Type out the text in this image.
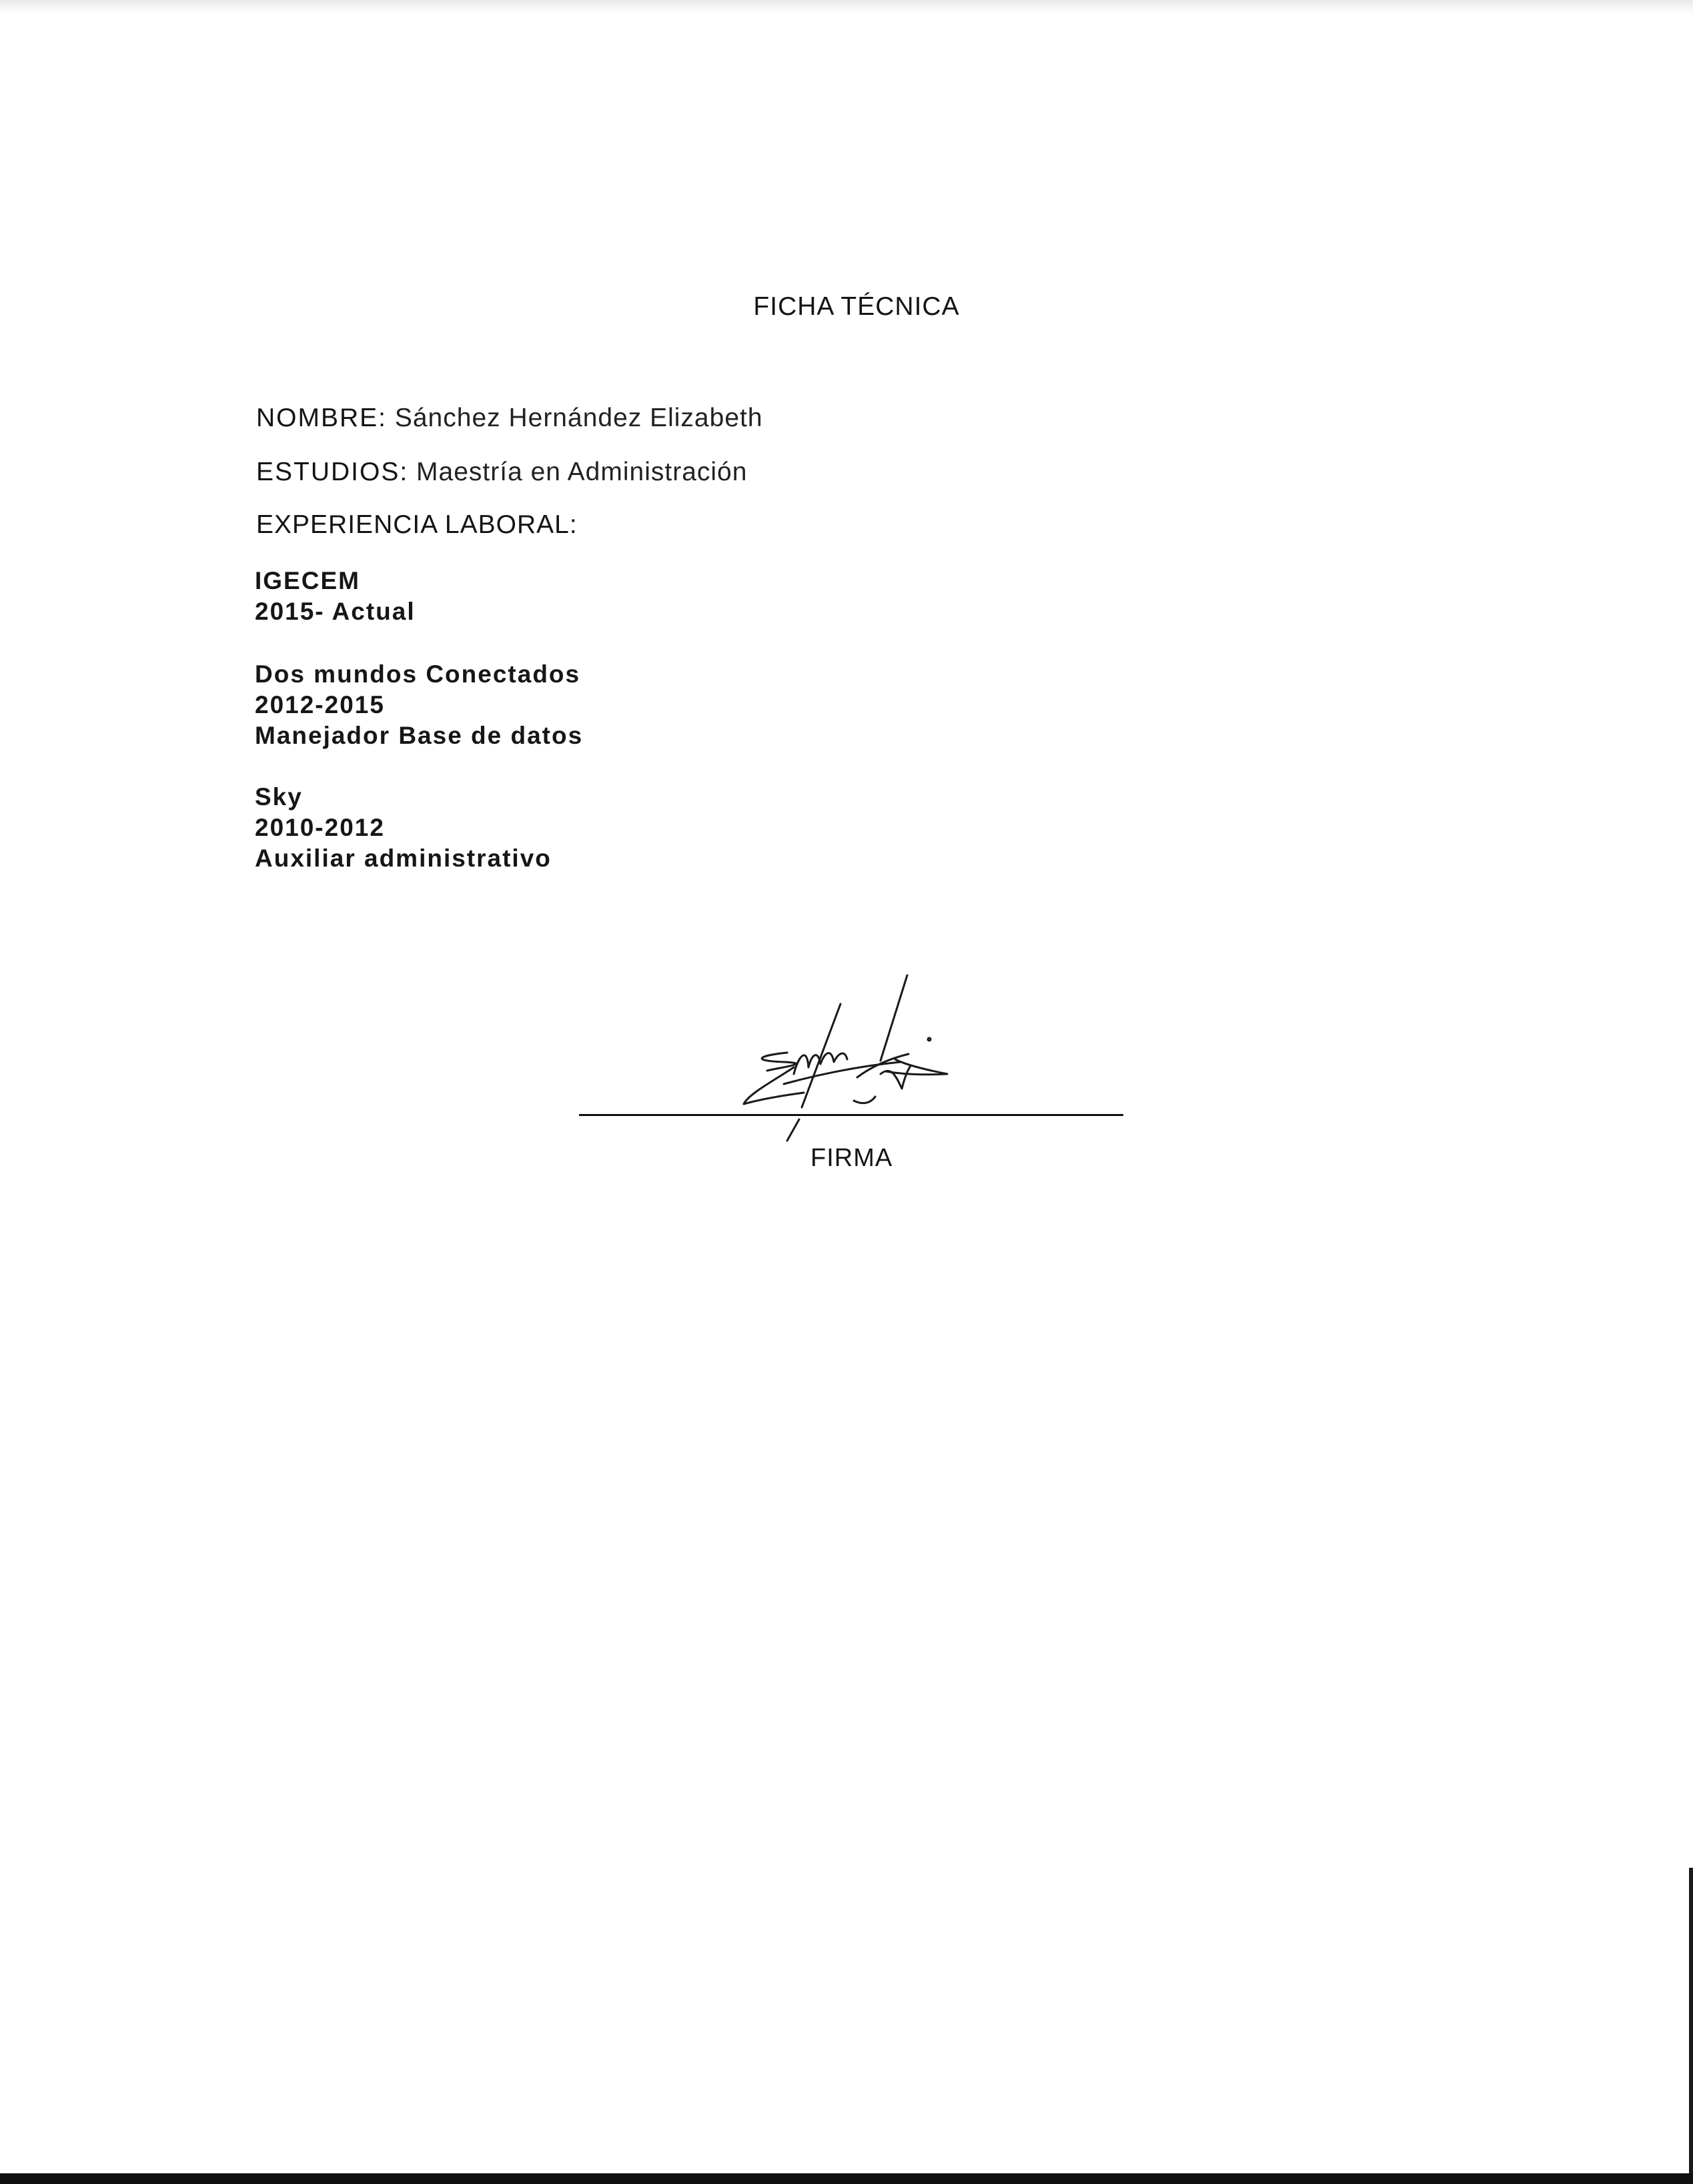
FICHA TÉCNICA
NOMBRE: Sánchez Hernández Elizabeth
ESTUDIOS: Maestría en Administración
EXPERIENCIA LABORAL:
IGECEM
2015- Actual
Dos mundos Conectados
2012-2015
Manejador Base de datos
Sky
2010-2012
Auxiliar administrativo
FIRMA
